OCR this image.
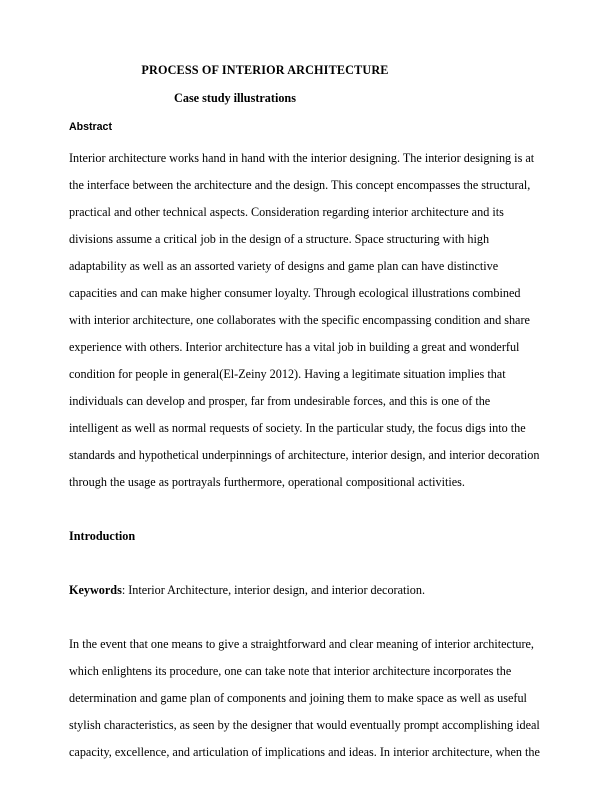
PROCESS OF INTERIOR ARCHITECTURE
Case study illustrations
Abstract

Interior architecture works hand in hand with the interior designing. The interior designing is at the interface between the architecture and the design. This concept encompasses the structural, practical and other technical aspects. Consideration regarding interior architecture and its divisions assume a critical job in the design of a structure. Space structuring with high adaptability as well as an assorted variety of designs and game plan can have distinctive capacities and can make higher consumer loyalty. Through ecological illustrations combined with interior architecture, one collaborates with the specific encompassing condition and share experience with others. Interior architecture has a vital job in building a great and wonderful condition for people in general(El-Zeiny 2012). Having a legitimate situation implies that individuals can develop and prosper, far from undesirable forces, and this is one of the intelligent as well as normal requests of society. In the particular study, the focus digs into the standards and hypothetical underpinnings of architecture, interior design, and interior decoration through the usage as portrayals furthermore, operational compositional activities.

Introduction

Keywords: Interior Architecture, interior design, and interior decoration.

In the event that one means to give a straightforward and clear meaning of interior architecture, which enlightens its procedure, one can take note that interior architecture incorporates the determination and game plan of components and joining them to make space as well as useful stylish characteristics, as seen by the designer that would eventually prompt accomplishing ideal capacity, excellence, and articulation of implications and ideas. In interior architecture, when the
